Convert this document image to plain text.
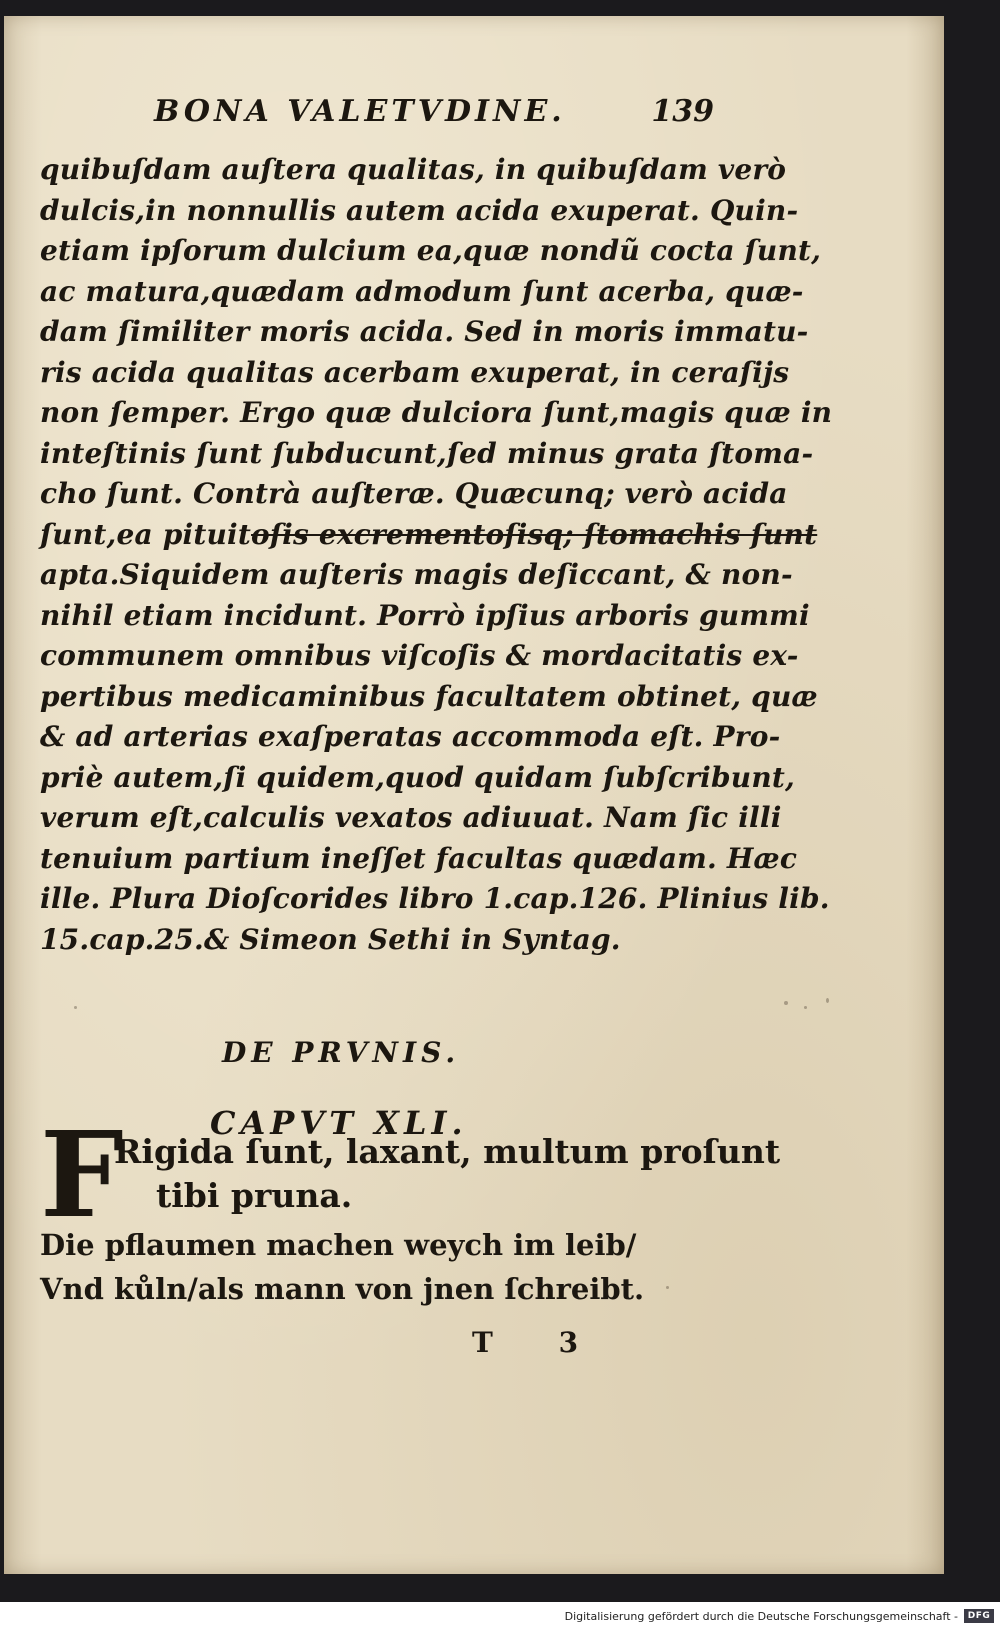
BONA VALETVDINE.	139
quibuſdam auſtera qualitas, in quibuſdam verò
dulcis,in nonnullis autem acida exuperat. Quin-
etiam ipſorum dulcium ea,quæ nondũ cocta ſunt,
ac matura,quædam admodum ſunt acerba, quæ-
dam ſimiliter moris acida. Sed in moris immatu-
ris acida qualitas acerbam exuperat, in ceraſijs
non ſemper. Ergo quæ dulciora ſunt,magis quæ in
inteſtinis ſunt ſubducunt,ſed minus grata ſtoma-
cho ſunt. Contrà auſteræ. Quæcunq; verò acida
ſunt,ea pituitoſis excrementoſisq; ſtomachis ſunt
apta.Siquidem auſteris magis deſiccant, & non-
nihil etiam incidunt. Porrò ipſius arboris gummi
communem omnibus viſcoſis & mordacitatis ex-
pertibus medicaminibus facultatem obtinet, quæ
& ad arterias exaſperatas accommoda eſt. Pro-
priè autem,ſi quidem,quod quidam ſubſcribunt,
verum eſt,calculis vexatos adiuuat. Nam ſic illi
tenuium partium ineſſet facultas quædam. Hæc
ille. Plura Dioſcorides libro 1.cap.126. Plinius lib.
15.cap.25.& Simeon Sethi in Syntag.
DE PRVNIS.
CAPVT XLI.
F
Rigida ſunt, laxant, multum proſunt
tibi pruna.
Die pflaumen machen weych im leib/
Vnd kůln/als mann von jnen ſchreibt.
T 3
Digitalisierung gefördert durch die Deutsche Forschungsgemeinschaft -	DFG
